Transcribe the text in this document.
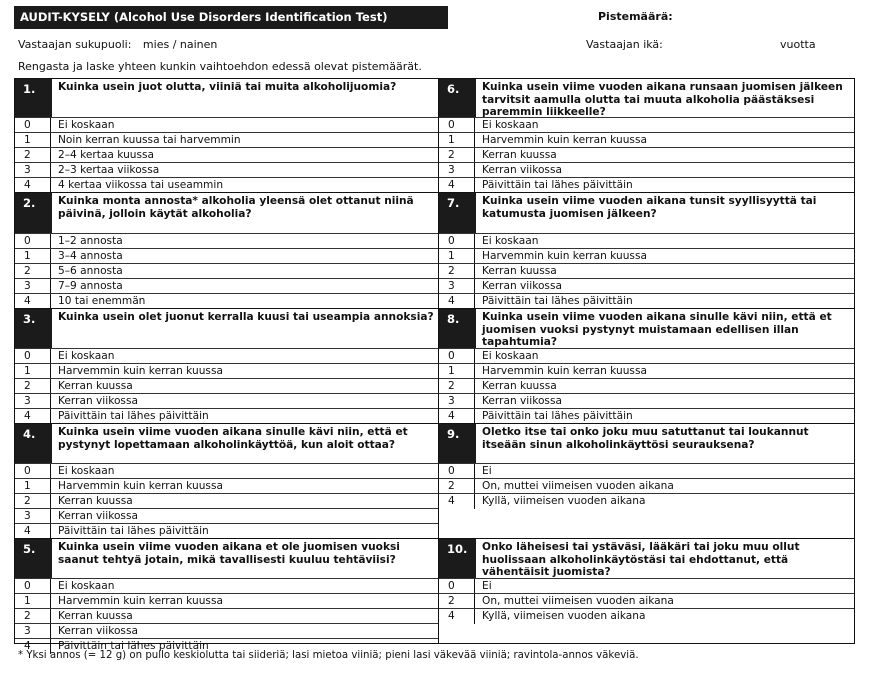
AUDIT-KYSELY (Alcohol Use Disorders Identification Test)	Pistemäärä:
Vastaajan sukupuoli: mies / nainen	Vastaajan ikä:	vuotta
Rengasta ja laske yhteen kunkin vaihtoehdon edessä olevat pistemäärät.
1.	Kuinka usein juot olutta, viiniä tai muita alkoholijuomia?
0	Ei koskaan
1	Noin kerran kuussa tai harvemmin
2	2–4 kertaa kuussa
3	2–3 kertaa viikossa
4	4 kertaa viikossa tai useammin
2.	Kuinka monta annosta* alkoholia yleensä olet ottanut niinä päivinä, jolloin käytät alkoholia?
0	1–2 annosta
1	3–4 annosta
2	5–6 annosta
3	7–9 annosta
4	10 tai enemmän
3.	Kuinka usein olet juonut kerralla kuusi tai useampia annoksia?
0	Ei koskaan
1	Harvemmin kuin kerran kuussa
2	Kerran kuussa
3	Kerran viikossa
4	Päivittäin tai lähes päivittäin
4.	Kuinka usein viime vuoden aikana sinulle kävi niin, että et pystynyt lopettamaan alkoholinkäyttöä, kun aloit ottaa?
0	Ei koskaan
1	Harvemmin kuin kerran kuussa
2	Kerran kuussa
3	Kerran viikossa
4	Päivittäin tai lähes päivittäin
5.	Kuinka usein viime vuoden aikana et ole juomisen vuoksi saanut tehtyä jotain, mikä tavallisesti kuuluu tehtäviisi?
0	Ei koskaan
1	Harvemmin kuin kerran kuussa
2	Kerran kuussa
3	Kerran viikossa
4	Päivittäin tai lähes päivittäin
6.	Kuinka usein viime vuoden aikana runsaan juomisen jälkeen tarvitsit aamulla olutta tai muuta alkoholia päästäksesi paremmin liikkeelle?
0	Ei koskaan
1	Harvemmin kuin kerran kuussa
2	Kerran kuussa
3	Kerran viikossa
4	Päivittäin tai lähes päivittäin
7.	Kuinka usein viime vuoden aikana tunsit syyllisyyttä tai katumusta juomisen jälkeen?
0	Ei koskaan
1	Harvemmin kuin kerran kuussa
2	Kerran kuussa
3	Kerran viikossa
4	Päivittäin tai lähes päivittäin
8.	Kuinka usein viime vuoden aikana sinulle kävi niin, että et juomisen vuoksi pystynyt muistamaan edellisen illan tapahtumia?
0	Ei koskaan
1	Harvemmin kuin kerran kuussa
2	Kerran kuussa
3	Kerran viikossa
4	Päivittäin tai lähes päivittäin
9.	Oletko itse tai onko joku muu satuttanut tai loukannut itseään sinun alkoholinkäyttösi seurauksena?
0	Ei
2	On, muttei viimeisen vuoden aikana
4	Kyllä, viimeisen vuoden aikana
10.	Onko läheisesi tai ystäväsi, lääkäri tai joku muu ollut huolissaan alkoholinkäytöstäsi tai ehdottanut, että vähentäisit juomista?
0	Ei
2	On, muttei viimeisen vuoden aikana
4	Kyllä, viimeisen vuoden aikana
* Yksi annos (= 12 g) on pullo keskiolutta tai siideriä; lasi mietoa viiniä; pieni lasi väkevää viiniä; ravintola-annos väkeviä.
